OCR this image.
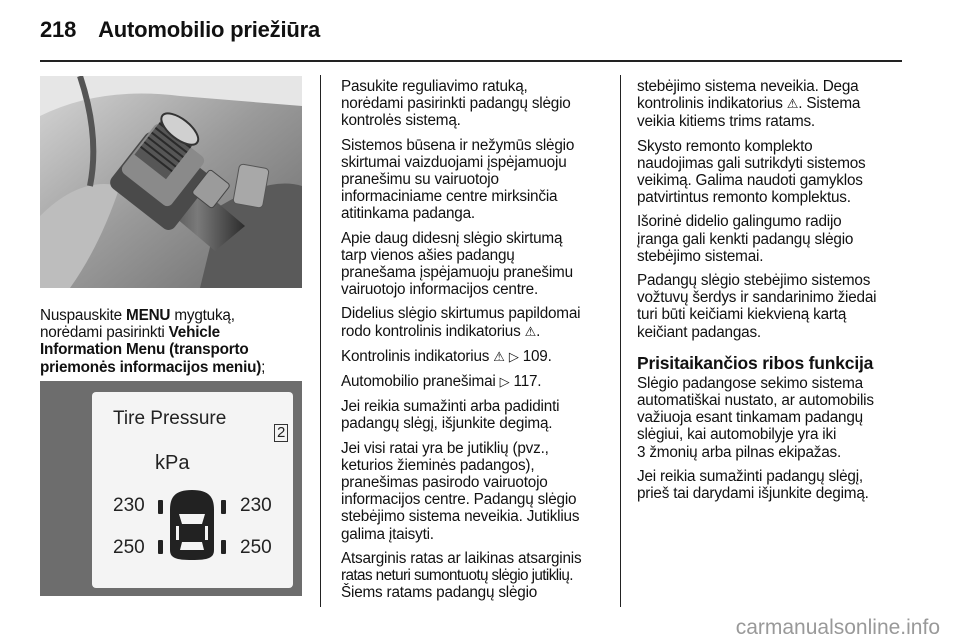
218 Automobilio priežiūra
Nuspauskite MENU mygtuką,
norėdami pasirinkti Vehicle
Information Menu (transporto
priemonės informacijos meniu);
Tire Pressure
2
kPa
230	230
250	250

Pasukite reguliavimo ratuką,
norėdami pasirinkti padangų slėgio
kontrolės sistemą.

Sistemos būsena ir nežymūs slėgio
skirtumai vaizduojami įspėjamuoju
pranešimu su vairuotojo
informaciniame centre mirksinčia
atitinkama padanga.

Apie daug didesnį slėgio skirtumą
tarp vienos ašies padangų
pranešama įspėjamuoju pranešimu
vairuotojo informacijos centre.

Didelius slėgio skirtumus papildomai
rodo kontrolinis indikatorius ⚠.

Kontrolinis indikatorius ⚠ ▷ 109.

Automobilio pranešimai ▷ 117.

Jei reikia sumažinti arba padidinti
padangų slėgį, išjunkite degimą.

Jei visi ratai yra be jutiklių (pvz.,
keturios žieminės padangos),
pranešimas pasirodo vairuotojo
informacijos centre. Padangų slėgio
stebėjimo sistema neveikia. Jutiklius
galima įtaisyti.

Atsarginis ratas ar laikinas atsarginis
ratas neturi sumontuotų slėgio jutiklių.
Šiems ratams padangų slėgio

stebėjimo sistema neveikia. Dega
kontrolinis indikatorius ⚠. Sistema
veikia kitiems trims ratams.

Skysto remonto komplekto
naudojimas gali sutrikdyti sistemos
veikimą. Galima naudoti gamyklos
patvirtintus remonto komplektus.

Išorinė didelio galingumo radijo
įranga gali kenkti padangų slėgio
stebėjimo sistemai.

Padangų slėgio stebėjimo sistemos
vožtuvų šerdys ir sandarinimo žiedai
turi būti keičiami kiekvieną kartą
keičiant padangas.

Prisitaikančios ribos funkcija

Slėgio padangose sekimo sistema
automatiškai nustato, ar automobilis
važiuoja esant tinkamam padangų
slėgiui, kai automobilyje yra iki
3 žmonių arba pilnas ekipažas.

Jei reikia sumažinti padangų slėgį,
prieš tai darydami išjunkite degimą.

carmanualsonline.info
